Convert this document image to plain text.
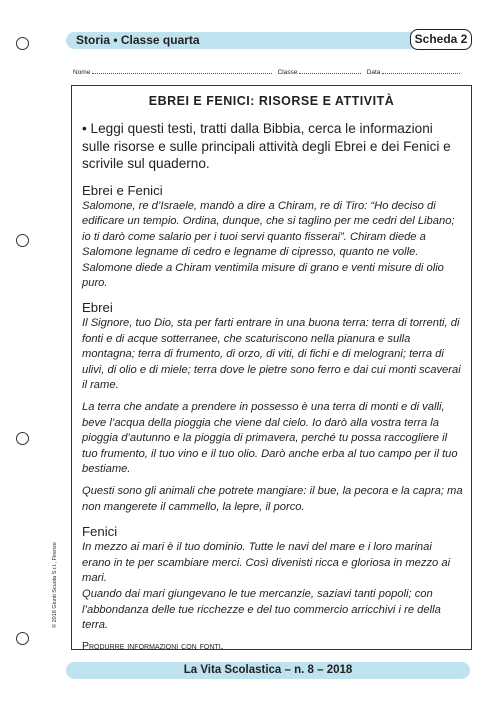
Storia • Classe quarta	Scheda 2
Nome	Classe	Data
EBREI E FENICI: RISORSE E ATTIVITÀ

• Leggi questi testi, tratti dalla Bibbia, cerca le informazioni sulle risorse e sulle principali attività degli Ebrei e dei Fenici e scrivile sul quaderno.

Ebrei e Fenici

Salomone, re d’Israele, mandò a dire a Chiram, re di Tiro: “Ho deciso di edificare un tempio. Ordina, dunque, che si taglino per me cedri del Libano; io ti darò come salario per i tuoi servi quanto fisserai”. Chiram diede a Salomone legname di cedro e legname di cipresso, quanto ne volle. Salomone diede a Chiram ventimila misure di grano e venti misure di olio puro.

Ebrei

Il Signore, tuo Dio, sta per farti entrare in una buona terra: terra di torrenti, di fonti e di acque sotterranee, che scaturiscono nella pianura e sulla montagna; terra di frumento, di orzo, di viti, di fichi e di melograni; terra di ulivi, di olio e di miele; terra dove le pietre sono ferro e dai cui monti scaverai il rame.

La terra che andate a prendere in possesso è una terra di monti e di valli, beve l’acqua della pioggia che viene dal cielo. Io darò alla vostra terra la pioggia d’autunno e la pioggia di primavera, perché tu possa raccogliere il tuo frumento, il tuo vino e il tuo olio. Darò anche erba al tuo campo per il tuo bestiame.

Questi sono gli animali che potrete mangiare: il bue, la pecora e la capra; ma non mangerete il cammello, la lepre, il porco.

Fenici

In mezzo ai mari è il tuo dominio. Tutte le navi del mare e i loro marinai erano in te per scambiare merci. Così divenisti ricca e gloriosa in mezzo ai mari.

Quando dai mari giungevano le tue mercanzie, saziavi tanti popoli; con l’abbondanza delle tue ricchezze e del tuo commercio arricchivi i re della terra.

Produrre informazioni con fonti.
© 2018 Giunti Scuola S.r.l., Firenze
La Vita Scolastica – n. 8 – 2018
